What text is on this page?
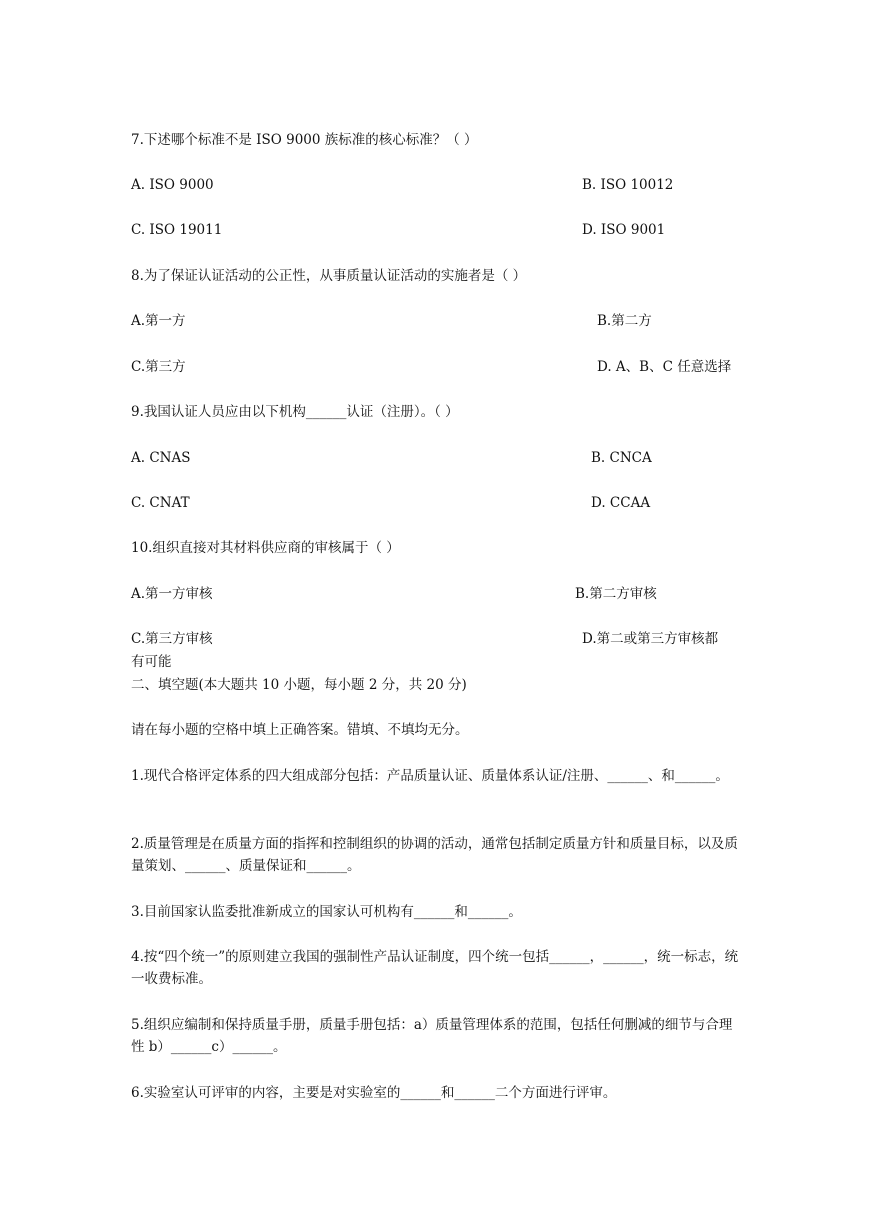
7.下述哪个标准不是 ISO 9000 族标准的核心标准？（ ）
A. ISO 9000	B. ISO 10012
C. ISO 19011	D. ISO 9001
8.为了保证认证活动的公正性，从事质量认证活动的实施者是（ ）
A.第一方	B.第二方
C.第三方	D. A、B、C 任意选择
9.我国认证人员应由以下机构______认证（注册）。（ ）
A. CNAS	B. CNCA
C. CNAT	D. CCAA
10.组织直接对其材料供应商的审核属于（ ）
A.第一方审核	B.第二方审核
C.第三方审核	D.第二或第三方审核都
有可能
二、填空题(本大题共 10 小题，每小题 2 分，共 20 分)
请在每小题的空格中填上正确答案。错填、不填均无分。
1.现代合格评定体系的四大组成部分包括：产品质量认证、质量体系认证/注册、______、和______。
2.质量管理是在质量方面的指挥和控制组织的协调的活动，通常包括制定质量方针和质量目标，以及质量策划、______、质量保证和______。
3.目前国家认监委批准新成立的国家认可机构有______和______。
4.按“四个统一”的原则建立我国的强制性产品认证制度，四个统一包括______，______，统一标志，统一收费标准。
5.组织应编制和保持质量手册，质量手册包括：a）质量管理体系的范围，包括任何删减的细节与合理性 b）______c）______。
6.实验室认可评审的内容，主要是对实验室的______和______二个方面进行评审。
